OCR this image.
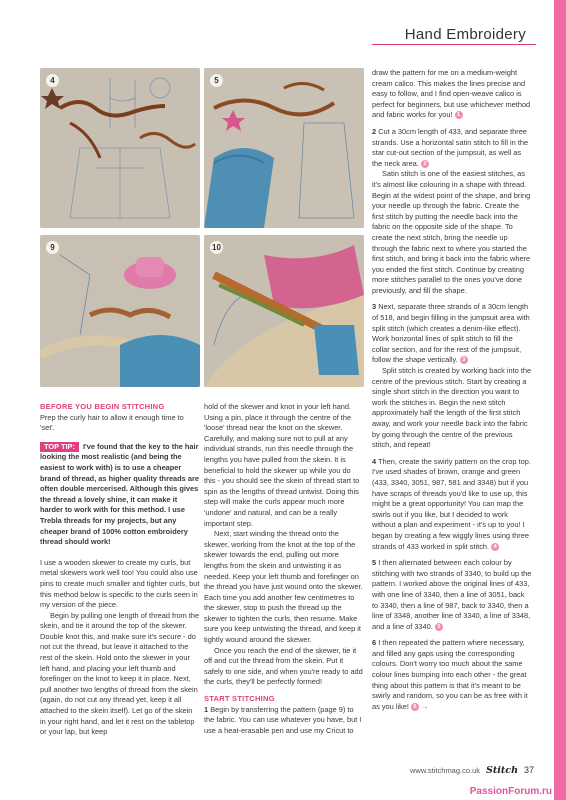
Hand Embroidery
4	5
9	10

BEFORE YOU BEGIN STITCHING

Prep the curly hair to allow it enough time to 'set'.

TOP TIP: I've found that the key to the hair looking the most realistic (and being the easiest to work with) is to use a cheaper brand of thread, as higher quality threads are often double mercerised. Although this gives the thread a lovely shine, it can make it harder to work with for this method. I use Trebla threads for my projects, but any cheaper brand of 100% cotton embroidery thread should work!

I use a wooden skewer to create my curls, but metal skewers work well too! You could also use pins to create much smaller and tighter curls, but this method below is specific to the curls seen in my version of the piece.

Begin by pulling one length of thread from the skein, and tie it around the top of the skewer. Double knot this, and make sure it's secure - do not cut the thread, but leave it attached to the rest of the skein. Hold onto the skewer in your left hand, and placing your left thumb and forefinger on the knot to keep it in place. Next, pull another two lengths of thread from the skein (again, do not cut any thread yet, keep it all attached to the skein itself). Let go of the skein in your right hand, and let it rest on the tabletop or your lap, but keep

hold of the skewer and knot in your left hand. Using a pin, place it through the centre of the 'loose' thread near the knot on the skewer. Carefully, and making sure not to pull at any individual strands, run this needle through the lengths you have pulled from the skein. It is beneficial to hold the skewer up while you do this - you should see the skein of thread start to spin as the lengths of thread untwist. Doing this step will make the curls appear much more 'undone' and natural, and can be a really important step.

Next, start winding the thread onto the skewer, working from the knot at the top of the skewer towards the end, pulling out more lengths from the skein and untwisting it as needed. Keep your left thumb and forefinger on the thread you have just wound onto the skewer. Each time you add another few centimetres to the skewer, stop to push the thread up the skewer to tighten the curls, then resume. Make sure you keep untwisting the thread, and keep it tightly wound around the skewer.

Once you reach the end of the skewer, tie it off and cut the thread from the skein. Put it safely to one side, and when you're ready to add the curls, they'll be perfectly formed!

START STITCHING

1 Begin by transferring the pattern (page 9) to the fabric. You can use whatever you have, but I use a heat-erasable pen and use my Cricut to

draw the pattern for me on a medium-weight cream calico. This makes the lines precise and easy to follow, and I find open-weave calico is perfect for beginners, but use whichever method and fabric works for you! 1

2 Cut a 30cm length of 433, and separate three strands. Use a horizontal satin stitch to fill in the star cut-out section of the jumpsuit, as well as the neck area. 2

Satin stitch is one of the easiest stitches, as it's almost like colouring in a shape with thread. Begin at the widest point of the shape, and bring your needle up through the fabric. Create the first stitch by putting the needle back into the fabric on the opposite side of the shape. To create the next stitch, bring the needle up through the fabric next to where you started the first stitch, and bring it back into the fabric where you ended the first stitch. Continue by creating more stitches parallel to the ones you've done previously, and fill the shape.

3 Next, separate three strands of a 30cm length of 518, and begin filling in the jumpsuit area with split stitch (which creates a denim-like effect). Work horizontal lines of split stitch to fill the collar section, and for the rest of the jumpsuit, follow the shape vertically. 3

Split stitch is created by working back into the centre of the previous stitch. Start by creating a single short stitch in the direction you want to work the stitches in. Begin the next stitch approximately half the length of the first stitch away, and work your needle back into the fabric by going through the centre of the previous stitch, and repeat!

4 Then, create the swirly pattern on the crop top. I've used shades of brown, orange and green (433, 3340, 3051, 987, 581 and 3348) but if you have scraps of threads you'd like to use up, this might be a great opportunity! You can map the swirls out if you like, but I decided to work without a plan and experiment - it's up to you! I began by creating a few wiggly lines using three strands of 433 worked in split stitch. 4

5 I then alternated between each colour by stitching with two strands of 3340, to build up the pattern. I worked above the original lines of 433, with one line of 3340, then a line of 3051, back to 3340, then a line of 987, back to 3340, then a line of 3348, another line of 3340, a line of 3348, and a line of 3340. 5

6 I then repeated the pattern where necessary, and filled any gaps using the corresponding colours. Don't worry too much about the same colour lines bumping into each other - the great thing about this pattern is that it's meant to be swirly and random, so you can be as free with it as you like! 6 →

www.stitchmag.co.uk Stitch 37
PassionForum.ru
